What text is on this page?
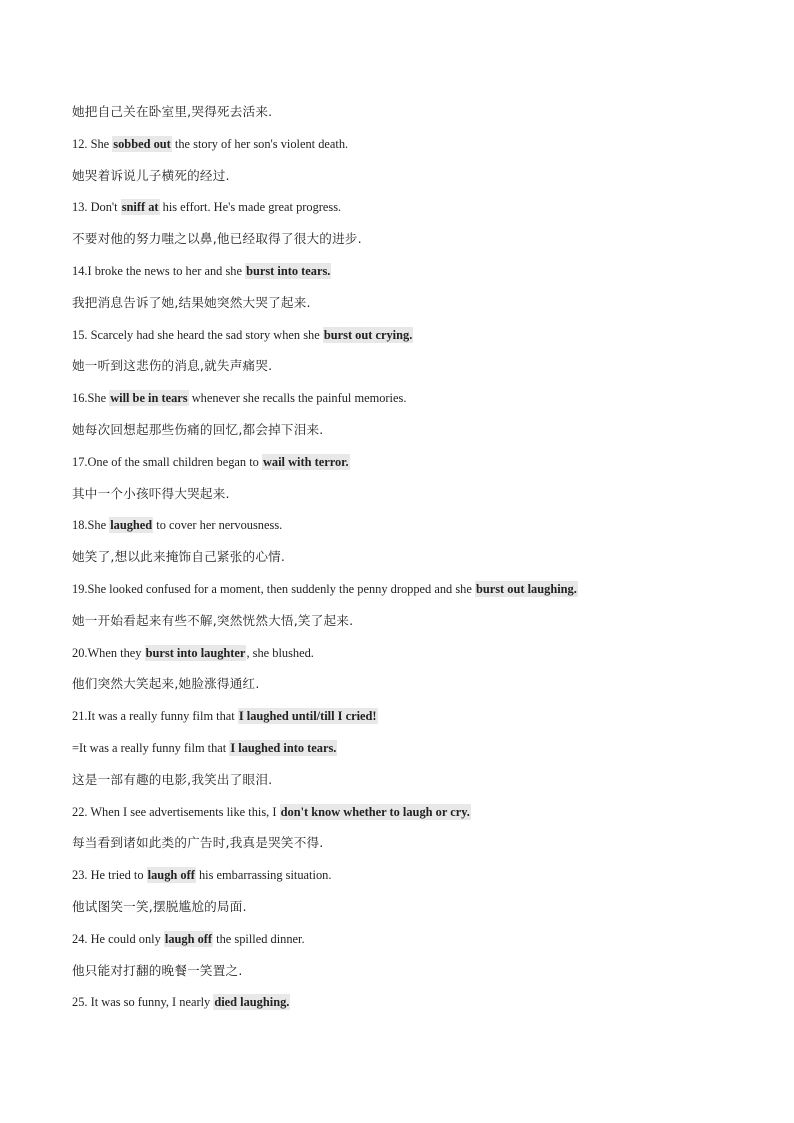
她把自己关在卧室里,哭得死去活来.
12. She sobbed out the story of her son's violent death.
她哭着诉说儿子横死的经过.
13. Don't sniff at his effort. He's made great progress.
不要对他的努力嗤之以鼻,他已经取得了很大的进步.
14.I broke the news to her and she burst into tears.
我把消息告诉了她,结果她突然大哭了起来.
15. Scarcely had she heard the sad story when she burst out crying.
她一听到这悲伤的消息,就失声痛哭.
16.She will be in tears whenever she recalls the painful memories.
她每次回想起那些伤痛的回忆,都会掉下泪来.
17.One of the small children began to wail with terror.
其中一个小孩吓得大哭起来.
18.She laughed to cover her nervousness.
她笑了,想以此来掩饰自己紧张的心情.
19.She looked confused for a moment, then suddenly the penny dropped and she burst out laughing.
她一开始看起来有些不解,突然恍然大悟,笑了起来.
20.When they burst into laughter, she blushed.
他们突然大笑起来,她脸涨得通红.
21.It was a really funny film that I laughed until/till I cried!
=It was a really funny film that I laughed into tears.
这是一部有趣的电影,我笑出了眼泪.
22. When I see advertisements like this, I don't know whether to laugh or cry.
每当看到诸如此类的广告时,我真是哭笑不得.
23. He tried to laugh off his embarrassing situation.
他试图笑一笑,摆脱尴尬的局面.
24. He could only laugh off the spilled dinner.
他只能对打翻的晚餐一笑置之.
25. It was so funny, I nearly died laughing.
